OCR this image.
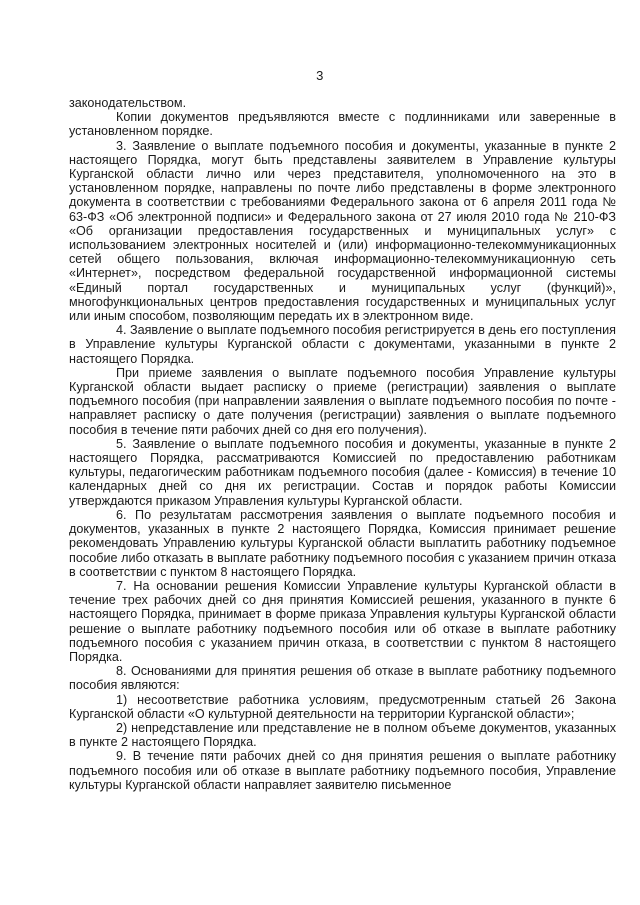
3

законодательством.

Копии документов предъявляются вместе с подлинниками или заверенные в установленном порядке.

3. Заявление о выплате подъемного пособия и документы, указанные в пункте 2 настоящего Порядка, могут быть представлены заявителем в Управление культуры Курганской области лично или через представителя, уполномоченного на это в установленном порядке, направлены по почте либо представлены в форме электронного документа в соответствии с требованиями Федерального закона от 6 апреля 2011 года № 63-ФЗ «Об электронной подписи» и Федерального закона от 27 июля 2010 года № 210-ФЗ «Об организации предоставления государственных и муниципальных услуг» с использованием электронных носителей и (или) информационно-телекоммуникационных сетей общего пользования, включая информационно-телекоммуникационную сеть «Интернет», посредством федеральной государственной информационной системы «Единый портал государственных и муниципальных услуг (функций)», многофункциональных центров предоставления государственных и муниципальных услуг или иным способом, позволяющим передать их в электронном виде.

4. Заявление о выплате подъемного пособия регистрируется в день его поступления в Управление культуры Курганской области с документами, указанными в пункте 2 настоящего Порядка.

При приеме заявления о выплате подъемного пособия Управление культуры Курганской области выдает расписку о приеме (регистрации) заявления о выплате подъемного пособия (при направлении заявления о выплате подъемного пособия по почте - направляет расписку о дате получения (регистрации) заявления о выплате подъемного пособия в течение пяти рабочих дней со дня его получения).

5. Заявление о выплате подъемного пособия и документы, указанные в пункте 2 настоящего Порядка, рассматриваются Комиссией по предоставлению работникам культуры, педагогическим работникам подъемного пособия (далее - Комиссия) в течение 10 календарных дней со дня их регистрации. Состав и порядок работы Комиссии утверждаются приказом Управления культуры Курганской области.

6. По результатам рассмотрения заявления о выплате подъемного пособия и документов, указанных в пункте 2 настоящего Порядка, Комиссия принимает решение рекомендовать Управлению культуры Курганской области выплатить работнику подъемное пособие либо отказать в выплате работнику подъемного пособия с указанием причин отказа в соответствии с пунктом 8 настоящего Порядка.

7. На основании решения Комиссии Управление культуры Курганской области в течение трех рабочих дней со дня принятия Комиссией решения, указанного в пункте 6 настоящего Порядка, принимает в форме приказа Управления культуры Курганской области решение о выплате работнику подъемного пособия или об отказе в выплате работнику подъемного пособия с указанием причин отказа, в соответствии с пунктом 8 настоящего Порядка.

8. Основаниями для принятия решения об отказе в выплате работнику подъемного пособия являются:

1) несоответствие работника условиям, предусмотренным статьей 26 Закона Курганской области «О культурной деятельности на территории Курганской области»;

2) непредставление или представление не в полном объеме документов, указанных в пункте 2 настоящего Порядка.

9. В течение пяти рабочих дней со дня принятия решения о выплате работнику подъемного пособия или об отказе в выплате работнику подъемного пособия, Управление культуры Курганской области направляет заявителю письменное
